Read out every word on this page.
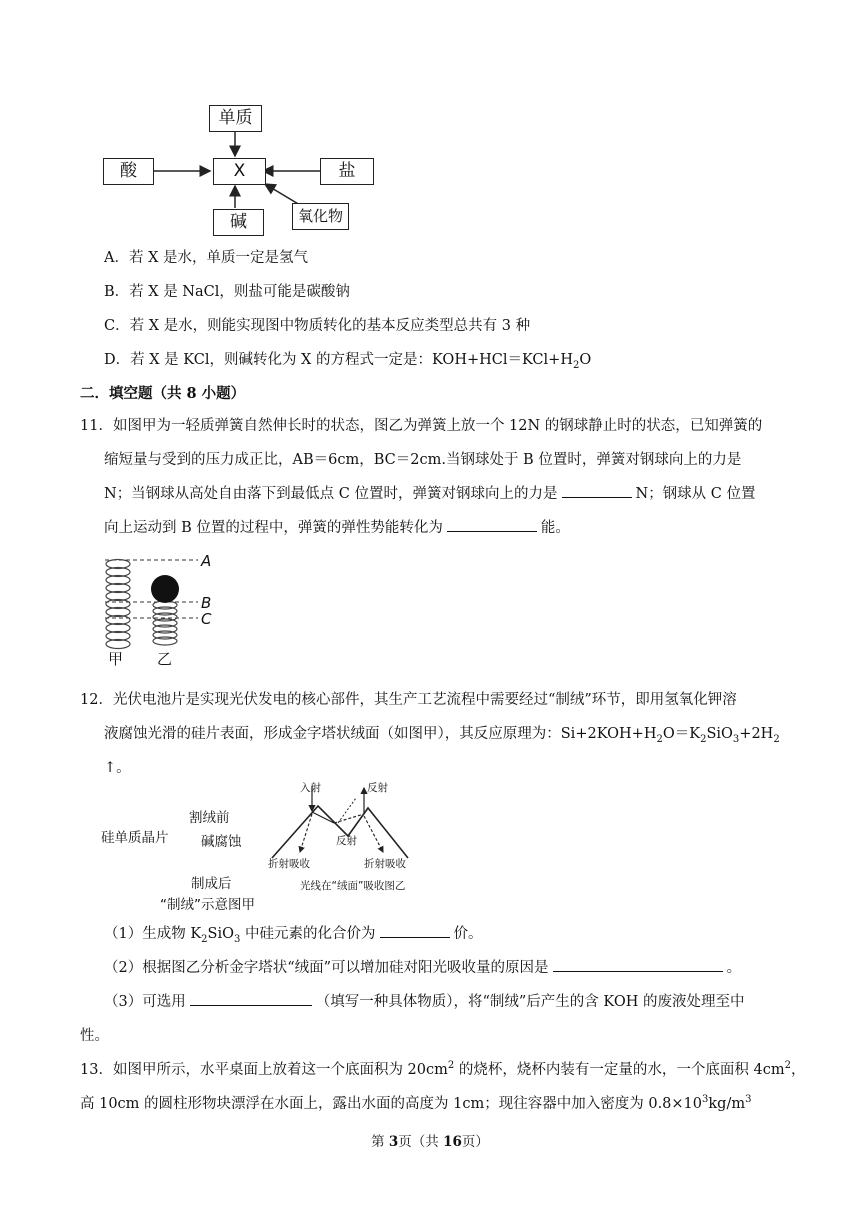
单质
酸	X	盐
碱	氧化物
A．若 X 是水，单质一定是氢气
B．若 X 是 NaCl，则盐可能是碳酸钠
C．若 X 是水，则能实现图中物质转化的基本反应类型总共有 3 种
D．若 X 是 KCl，则碱转化为 X 的方程式一定是：$KOH+HCl=KCl+H_2O$
二．填空题（共 8 小题）
11．如图甲为一轻质弹簧自然伸长时的状态，图乙为弹簧上放一个 12N 的钢球静止时的状态，已知弹簧的
缩短量与受到的压力成正比，AB＝6cm，BC＝2cm.当钢球处于 B 位置时，弹簧对钢球向上的力是
N；当钢球从高处自由落下到最低点 C 位置时，弹簧对钢球向上的力是	N；钢球从 C 位置
向上运动到 B 位置的过程中，弹簧的弹性势能转化为	能。
A
B
C
甲 乙
12．光伏电池片是实现光伏发电的核心部件，其生产工艺流程中需要经过“制绒”环节，即用氢氧化钾溶
液腐蚀光滑的硅片表面，形成金字塔状绒面（如图甲），其反应原理为：$Si+2KOH+H_2O=K_2SiO_3+2H_2$
↑。
割绒前
硅单质晶片 碱腐蚀
制成后
“制绒”示意图甲
入射	反射
反射
折射吸收	折射吸收
光线在“绒面”吸收图乙
（1）生成物 $K_2SiO_3$ 中硅元素的化合价为	价。
（2）根据图乙分析金字塔状“绒面”可以增加硅对阳光吸收量的原因是	。
（3）可选用	（填写一种具体物质），将“制绒”后产生的含 KOH 的废液处理至中
性。
13．如图甲所示，水平桌面上放着这一个底面积为 $20cm^2$ 的烧杯，烧杯内装有一定量的水，一个底面积 $4cm^2$，
高 10cm 的圆柱形物块漂浮在水面上，露出水面的高度为 1cm；现往容器中加入密度为 $0.8\times 10^3kg/m^3$
第 3页（共 16页）
